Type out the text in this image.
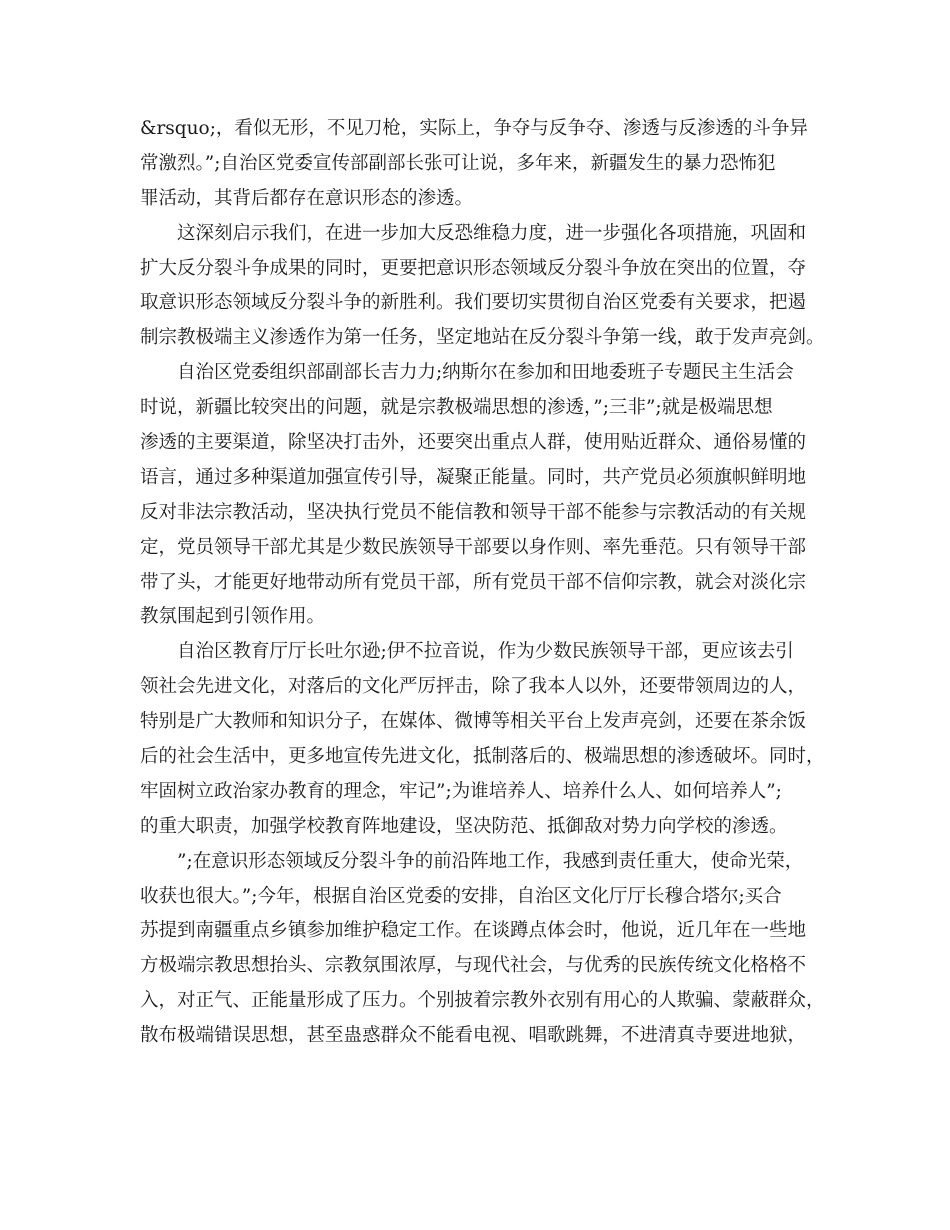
&rsquo;，看似无形，不见刀枪，实际上，争夺与反争夺、渗透与反渗透的斗争异
常激烈。”;自治区党委宣传部副部长张可让说，多年来，新疆发生的暴力恐怖犯
罪活动，其背后都存在意识形态的渗透。
这深刻启示我们，在进一步加大反恐维稳力度，进一步强化各项措施，巩固和
扩大反分裂斗争成果的同时，更要把意识形态领域反分裂斗争放在突出的位置，夺
取意识形态领域反分裂斗争的新胜利。我们要切实贯彻自治区党委有关要求，把遏
制宗教极端主义渗透作为第一任务，坚定地站在反分裂斗争第一线，敢于发声亮剑。
自治区党委组织部副部长吉力力;纳斯尔在参加和田地委班子专题民主生活会
时说，新疆比较突出的问题，就是宗教极端思想的渗透，”;三非”;就是极端思想
渗透的主要渠道，除坚决打击外，还要突出重点人群，使用贴近群众、通俗易懂的
语言，通过多种渠道加强宣传引导，凝聚正能量。同时，共产党员必须旗帜鲜明地
反对非法宗教活动，坚决执行党员不能信教和领导干部不能参与宗教活动的有关规
定，党员领导干部尤其是少数民族领导干部要以身作则、率先垂范。只有领导干部
带了头，才能更好地带动所有党员干部，所有党员干部不信仰宗教，就会对淡化宗
教氛围起到引领作用。
自治区教育厅厅长吐尔逊;伊不拉音说，作为少数民族领导干部，更应该去引
领社会先进文化，对落后的文化严厉抨击，除了我本人以外，还要带领周边的人，
特别是广大教师和知识分子，在媒体、微博等相关平台上发声亮剑，还要在茶余饭
后的社会生活中，更多地宣传先进文化，抵制落后的、极端思想的渗透破坏。同时，
牢固树立政治家办教育的理念，牢记”;为谁培养人、培养什么人、如何培养人”;
的重大职责，加强学校教育阵地建设，坚决防范、抵御敌对势力向学校的渗透。
”;在意识形态领域反分裂斗争的前沿阵地工作，我感到责任重大，使命光荣，
收获也很大。”;今年，根据自治区党委的安排，自治区文化厅厅长穆合塔尔;买合
苏提到南疆重点乡镇参加维护稳定工作。在谈蹲点体会时，他说，近几年在一些地
方极端宗教思想抬头、宗教氛围浓厚，与现代社会，与优秀的民族传统文化格格不
入，对正气、正能量形成了压力。个别披着宗教外衣别有用心的人欺骗、蒙蔽群众，
散布极端错误思想，甚至蛊惑群众不能看电视、唱歌跳舞，不进清真寺要进地狱，
